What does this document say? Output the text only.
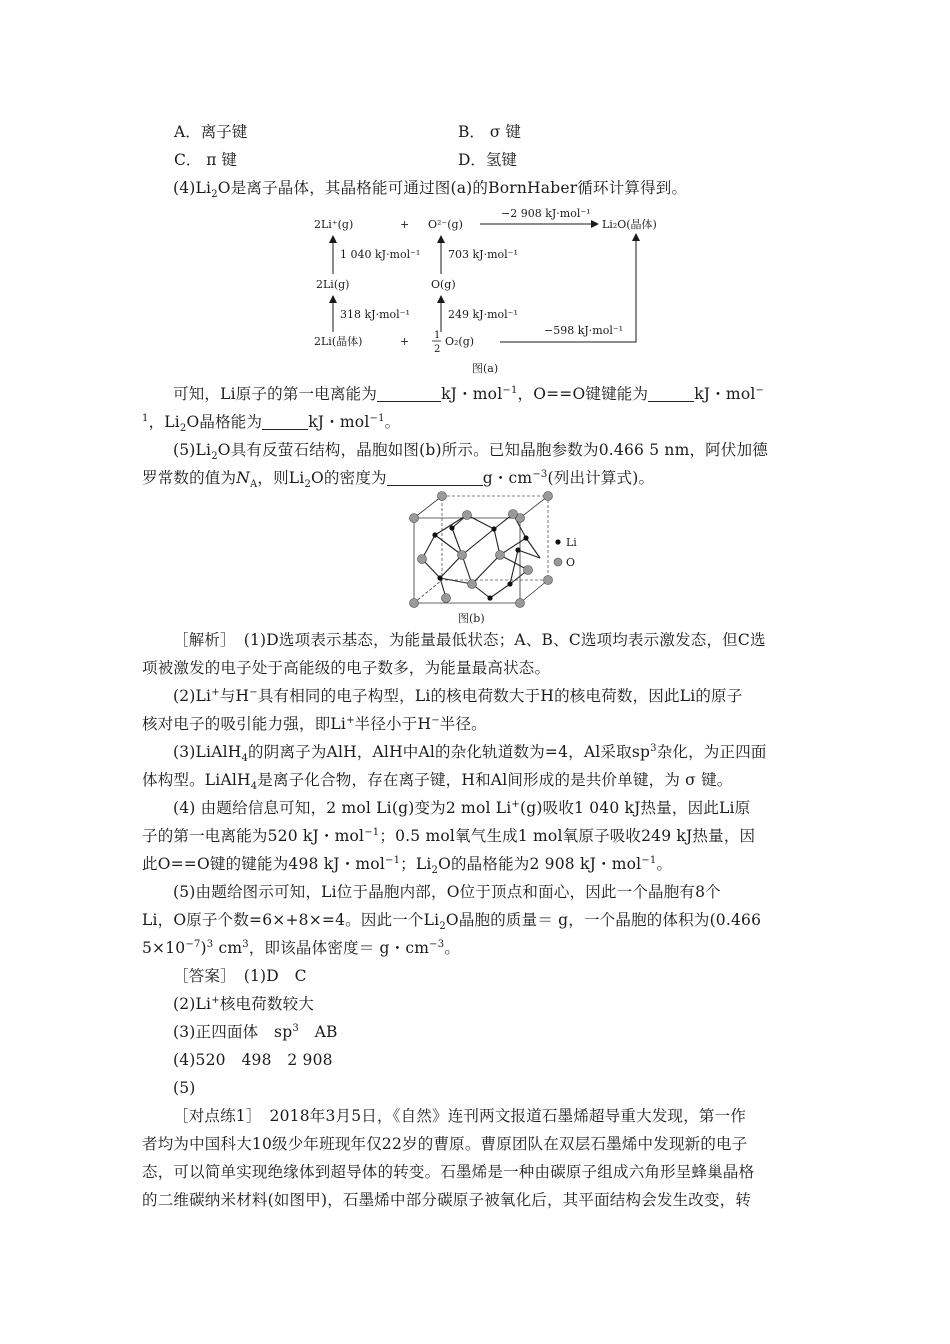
A．离子键	B． σ 键
C． π 键	D．氢键
$(4)Li_2O$是离子晶体，其晶格能可通过图(a)的BornHaber循环计算得到。
2Li⁺(g)	+ O²⁻(g)
−2 908 kJ·mol⁻¹
Li₂O(晶体)
1 040 kJ·mol⁻¹	703 kJ·mol⁻¹
2Li(g)	O(g)
318 kJ·mol⁻¹	249 kJ·mol⁻¹
2Li(晶体)	+ 1
2
O₂(g)
−598 kJ·mol⁻¹
图(a)
可知，Li原子的第一电离能为	kJ・mol$^{-1}$，O==O键键能为	kJ・mol−
$^1$，$Li_2O$晶格能为	kJ・mol$^{-1}$。
$(5)Li_2O$具有反萤石结构，晶胞如图(b)所示。已知晶胞参数为0.466 5 nm，阿伏加德
罗常数的值为$N_A$，则$Li_2O$的密度为	g・$cm^{-3}$(列出计算式)。
Li
O
图(b)
［解析］　(1)D选项表示基态，为能量最低状态；A、B、C选项均表示激发态，但C选
项被激发的电子处于高能级的电子数多，为能量最高状态。
(2)Li+与H−具有相同的电子构型，Li的核电荷数大于H的核电荷数，因此Li的原子
核对电子的吸引能力强，即Li+半径小于H−半径。
(3)LiAlH$_4$的阴离子为AlH，AlH中Al的杂化轨道数为=4，Al采取$sp^3$杂化，为正四面
体构型。LiAlH$_4$是离子化合物，存在离子键，H和Al间形成的是共价单键，为 σ 键。
(4) 由题给信息可知，2 mol Li(g)变为2 mol Li+(g)吸收1 040 kJ热量，因此Li原
子的第一电离能为520 kJ・mol$^{-1}$；0.5 mol氧气生成1 mol氧原子吸收249 kJ热量，因
此O==O键的键能为498 kJ・mol$^{-1}$；$Li_2O$的晶格能为2 908 kJ・mol$^{-1}$。
(5)由题给图示可知，Li位于晶胞内部，O位于顶点和面心，因此一个晶胞有8个
Li，O原子个数=6×+8×=4。因此一个$Li_2O$晶胞的质量＝ g，一个晶胞的体积为(0.466
$5\times 10^{-7})^3$ $cm^3$，即该晶体密度＝ g・$cm^{-3}$。
［答案］　(1)D　C
(2)Li+核电荷数较大
(3)正四面体　$sp^3$　AB
(4)520　498　2 908
(5)
［对点练1］　2018年3月5日，《自然》连刊两文报道石墨烯超导重大发现，第一作
者均为中国科大10级少年班现年仅22岁的曹原。曹原团队在双层石墨烯中发现新的电子
态，可以简单实现绝缘体到超导体的转变。石墨烯是一种由碳原子组成六角形呈蜂巢晶格
的二维碳纳米材料(如图甲)，石墨烯中部分碳原子被氧化后，其平面结构会发生改变，转
